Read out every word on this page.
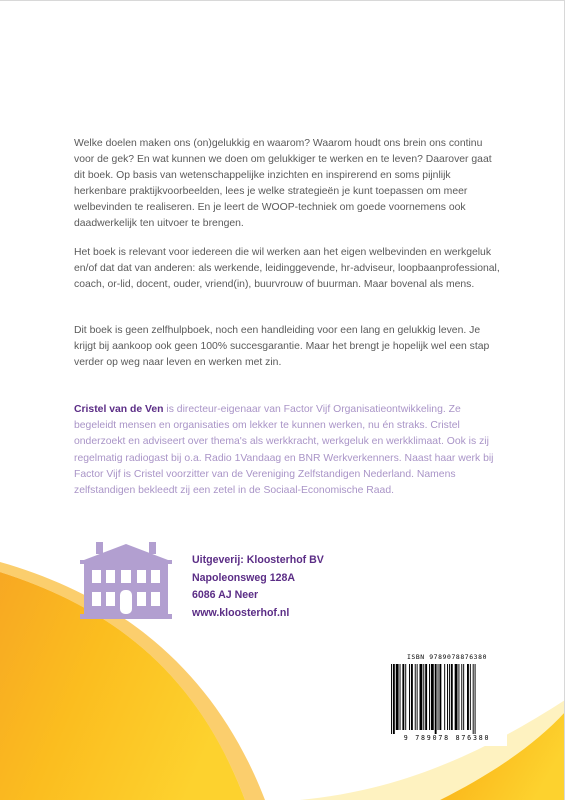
Welke doelen maken ons (on)gelukkig en waarom? Waarom houdt ons brein ons continu voor de gek? En wat kunnen we doen om gelukkiger te werken en te leven? Daarover gaat dit boek. Op basis van wetenschappelijke inzichten en inspirerend en soms pijnlijk herkenbare praktijkvoorbeelden, lees je welke strategieën je kunt toepassen om meer welbevinden te realiseren. En je leert de WOOP-techniek om goede voornemens ook daadwerkelijk ten uitvoer te brengen.

Het boek is relevant voor iedereen die wil werken aan het eigen welbevinden en werkgeluk en/of dat dat van anderen: als werkende, leidinggevende, hr-adviseur, loopbaanprofessional, coach, or-lid, docent, ouder, vriend(in), buurvrouw of buurman. Maar bovenal als mens.

Dit boek is geen zelfhulpboek, noch een handleiding voor een lang en gelukkig leven. Je krijgt bij aankoop ook geen 100% succesgarantie. Maar het brengt je hopelijk wel een stap verder op weg naar leven en werken met zin.

Cristel van de Ven is directeur-eigenaar van Factor Vijf Organisatieontwikkeling. Ze begeleidt mensen en organisaties om lekker te kunnen werken, nu én straks. Cristel onderzoekt en adviseert over thema's als werkkracht, werkgeluk en werkklimaat. Ook is zij regelmatig radiogast bij o.a. Radio 1Vandaag en BNR Werkverkenners. Naast haar werk bij Factor Vijf is Cristel voorzitter van de Vereniging Zelfstandigen Nederland. Namens zelfstandigen bekleedt zij een zetel in de Sociaal-Economische Raad.

Uitgeverij: Kloosterhof BV
Napoleonsweg 128A
6086 AJ Neer
www.kloosterhof.nl
ISBN 9789078876380
9 789078 876380
